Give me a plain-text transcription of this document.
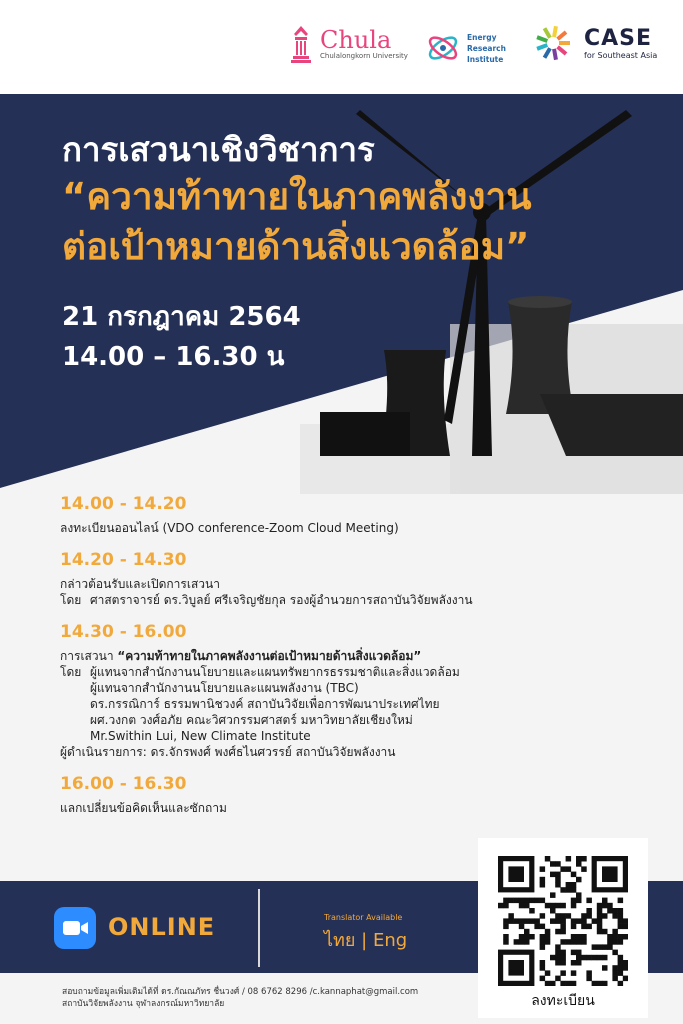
Chula
Chulalongkorn University
Energy
Research
Institute
CASE
for Southeast Asia
การเสวนาเชิงวิชาการ
“ความท้าทายในภาคพลังงาน
ต่อเป้าหมายด้านสิ่งแวดล้อม”
21 กรกฎาคม 2564
14.00 – 16.30 น
14.00 - 14.20
ลงทะเบียนออนไลน์ (VDO conference-Zoom Cloud Meeting)
14.20 - 14.30
กล่าวต้อนรับและเปิดการเสวนา
โดย ศาสตราจารย์ ดร.วิบูลย์ ศรีเจริญชัยกุล รองผู้อำนวยการสถาบันวิจัยพลังงาน
14.30 - 16.00
การเสวนา “ความท้าทายในภาคพลังงานต่อเป้าหมายด้านสิ่งแวดล้อม”
โดย ผู้แทนจากสำนักงานนโยบายและแผนทรัพยากรธรรมชาติและสิ่งแวดล้อม
ผู้แทนจากสำนักงานนโยบายและแผนพลังงาน (TBC)
ดร.กรรณิการ์ ธรรมพานิชวงค์ สถาบันวิจัยเพื่อการพัฒนาประเทศไทย
ผศ.วงกต วงศ์อภัย คณะวิศวกรรมศาสตร์ มหาวิทยาลัยเชียงใหม่
Mr.Swithin Lui, New Climate Institute
ผู้ดำเนินรายการ: ดร.จักรพงศ์ พงศ์ธไนศวรรย์ สถาบันวิจัยพลังงาน
16.00 - 16.30
แลกเปลี่ยนข้อคิดเห็นและซักถาม
ONLINE	Translator Available
ไทย | Eng
ลงทะเบียน
สอบถามข้อมูลเพิ่มเติมได้ที่ ดร.กัณณภัทร ชื่นวงศ์ / 08 6762 8296 /c.kannaphat@gmail.com
สถาบันวิจัยพลังงาน จุฬาลงกรณ์มหาวิทยาลัย
